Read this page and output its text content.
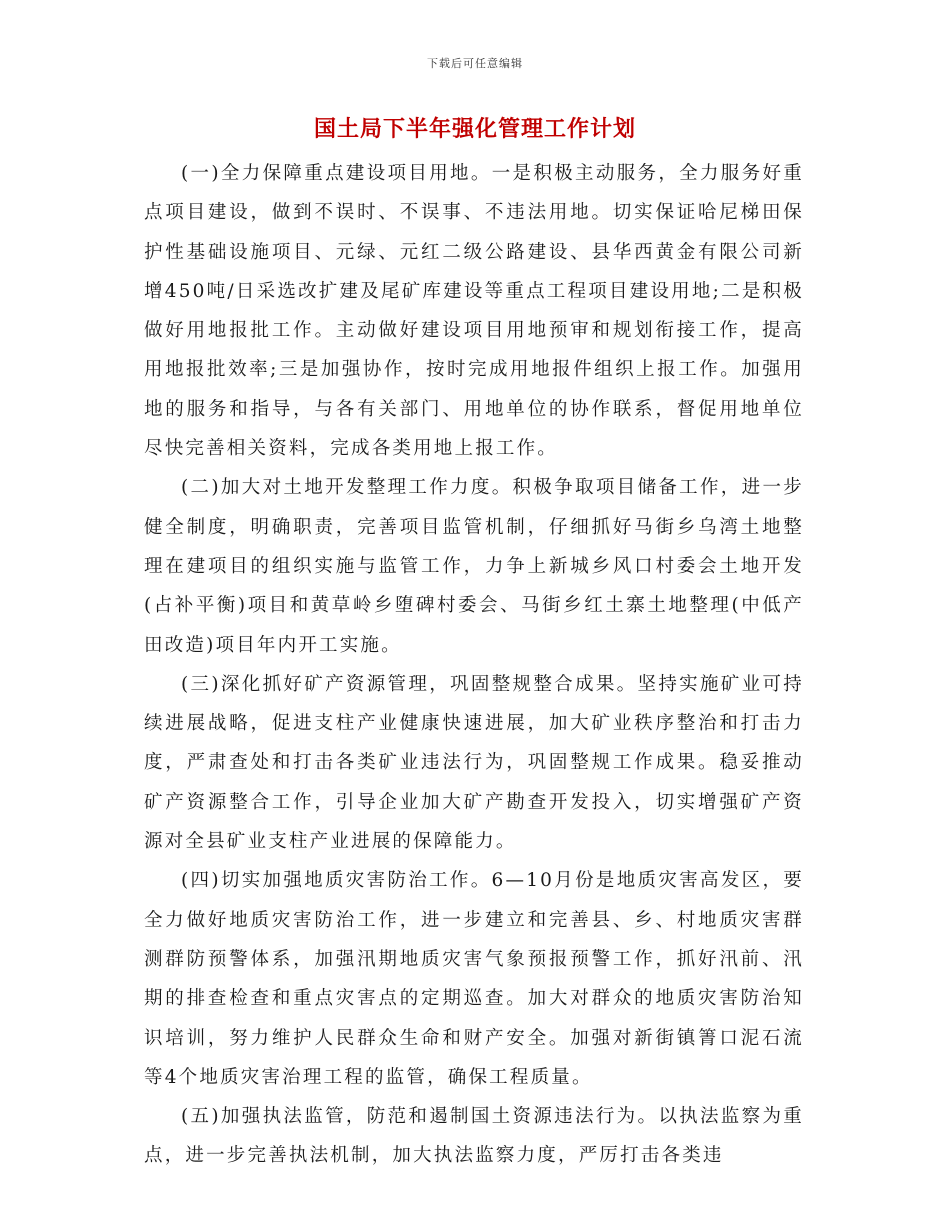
下载后可任意编辑
国土局下半年强化管理工作计划

(一)全力保障重点建设项目用地。一是积极主动服务，全力服务好重点项目建设，做到不误时、不误事、不违法用地。切实保证哈尼梯田保护性基础设施项目、元绿、元红二级公路建设、县华西黄金有限公司新增450吨/日采选改扩建及尾矿库建设等重点工程项目建设用地;二是积极做好用地报批工作。主动做好建设项目用地预审和规划衔接工作，提高用地报批效率;三是加强协作，按时完成用地报件组织上报工作。加强用地的服务和指导，与各有关部门、用地单位的协作联系，督促用地单位尽快完善相关资料，完成各类用地上报工作。

(二)加大对土地开发整理工作力度。积极争取项目储备工作，进一步健全制度，明确职责，完善项目监管机制，仔细抓好马街乡乌湾土地整理在建项目的组织实施与监管工作，力争上新城乡风口村委会土地开发(占补平衡)项目和黄草岭乡堕碑村委会、马街乡红土寨土地整理(中低产田改造)项目年内开工实施。

(三)深化抓好矿产资源管理，巩固整规整合成果。坚持实施矿业可持续进展战略，促进支柱产业健康快速进展，加大矿业秩序整治和打击力度，严肃查处和打击各类矿业违法行为，巩固整规工作成果。稳妥推动矿产资源整合工作，引导企业加大矿产勘查开发投入，切实增强矿产资源对全县矿业支柱产业进展的保障能力。

(四)切实加强地质灾害防治工作。6—10月份是地质灾害高发区，要全力做好地质灾害防治工作，进一步建立和完善县、乡、村地质灾害群测群防预警体系，加强汛期地质灾害气象预报预警工作，抓好汛前、汛期的排查检查和重点灾害点的定期巡查。加大对群众的地质灾害防治知识培训，努力维护人民群众生命和财产安全。加强对新街镇箐口泥石流等4个地质灾害治理工程的监管，确保工程质量。

(五)加强执法监管，防范和遏制国土资源违法行为。以执法监察为重点，进一步完善执法机制，加大执法监察力度，严厉打击各类违
